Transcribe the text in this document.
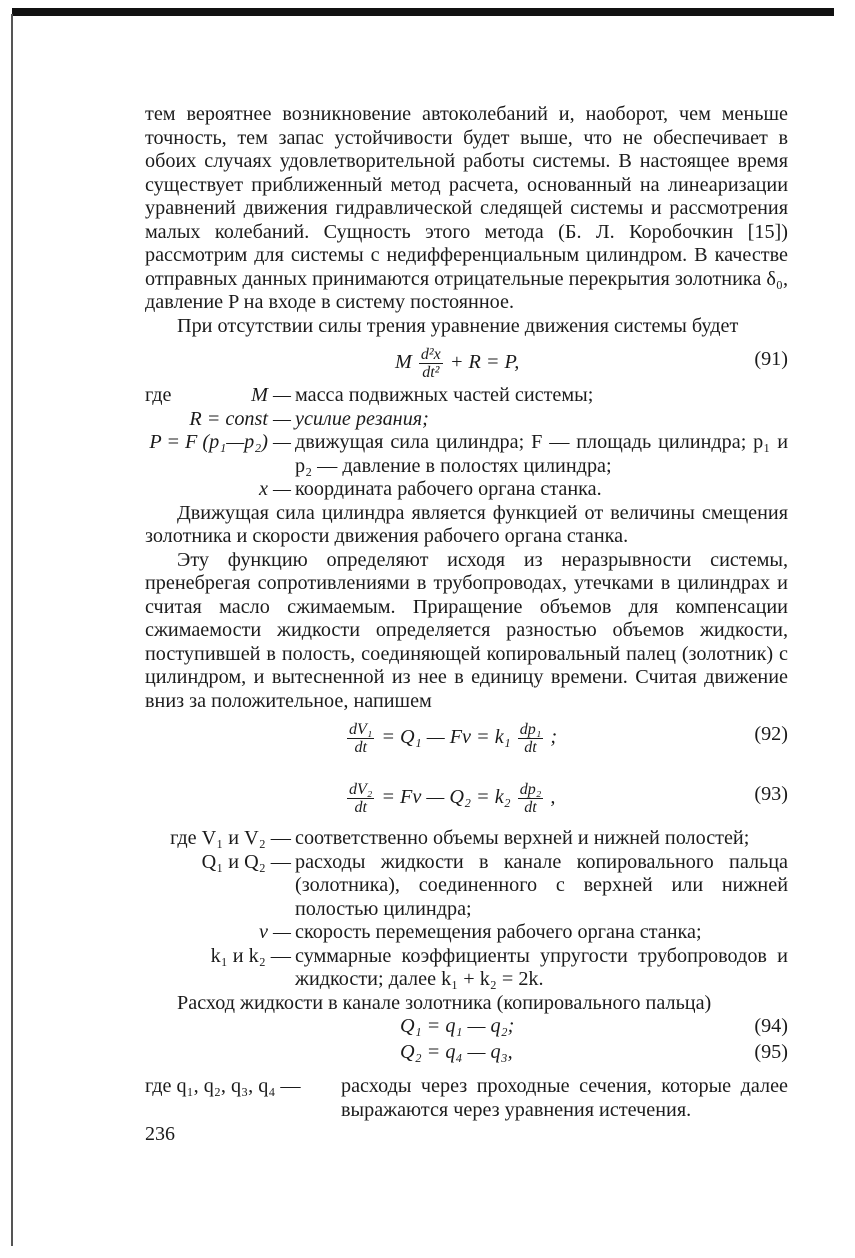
тем вероятнее возникновение автоколебаний и, наоборот, чем меньше точность, тем запас устойчивости будет выше, что не обеспечивает в обоих случаях удовлетворительной работы системы. В настоящее время существует приближенный метод расчета, основанный на линеаризации уравнений движения гидравлической следящей системы и рассмотрения малых колебаний. Сущность этого метода (Б. Л. Коробочкин [15]) рассмотрим для системы с недифференциальным цилиндром. В качестве отправных данных принимаются отрицательные перекрытия золотника δ₀, давление P на входе в систему постоянное.

При отсутствии силы трения уравнение движения системы будет

M $\frac{\text{d²x}}{\text{dt²}} + R = P$,	(91)
где	M — масса подвижных частей системы;
R = const — усилие резания;
P = F (p₁—p₂) — движущая сила цилиндра; F — площадь цилиндра; p₁ и p₂ — давление в полостях цилиндра;
x — координата рабочего органа станка.

Движущая сила цилиндра является функцией от величины смещения золотника и скорости движения рабочего органа станка.

Эту функцию определяют исходя из неразрывности системы, пренебрегая сопротивлениями в трубопроводах, утечками в цилиндрах и считая масло сжимаемым. Приращение объемов для компенсации сжимаемости жидкости определяется разностью объемов жидкости, поступившей в полость, соединяющей копировальный палец (золотник) с цилиндром, и вытесненной из нее в единицу времени. Считая движение вниз за положительное, напишем

$\frac{\text{dV₁}}{dt} = Q_1$ — $Fv = k_1 \frac{\text{dp₁}}{dt}$ ;	(92)
$\frac{\text{dV₂}}{dt} = Fv$ — $Q_2 = k_2 \frac{\text{dp₂}}{dt}$ ,	(93)
где V₁ и V₂ — соответственно объемы верхней и нижней полостей;
Q₁ и Q₂ — расходы жидкости в канале копировального пальца (золотника), соединенного с верхней или нижней полостью цилиндра;
v — скорость перемещения рабочего органа станка;
k₁ и k₂ — суммарные коэффициенты упругости трубопроводов и жидкости; далее k₁ + k₂ = 2k.

Расход жидкости в канале золотника (копировального пальца)

Q₁ = q₁ — q₂;	(94)
Q₂ = q₄ — q₃,	(95)
где q₁, q₂, q₃, q₄ —	расходы через проходные сечения, которые далее выражаются через уравнения истечения.
236
